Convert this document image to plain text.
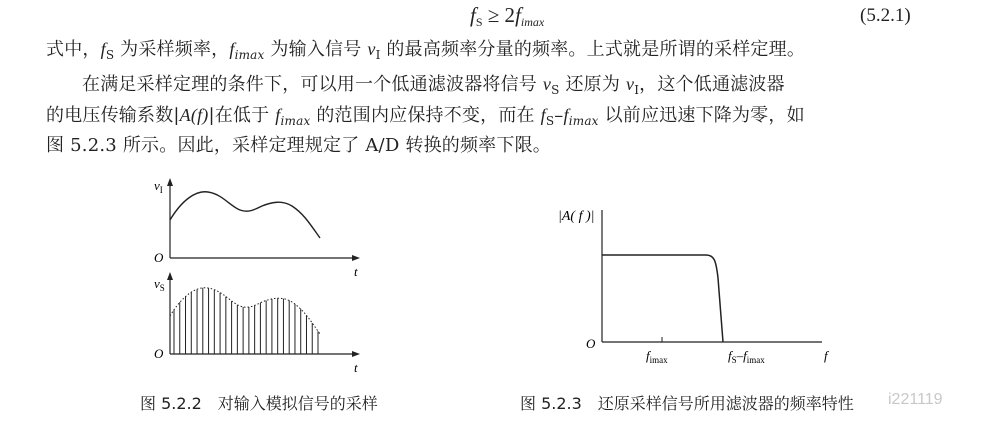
$f_S \ge 2fimax$	(5.2.1)
式中，$f_S$ 为采样频率，$f_{imax}$ 为输入信号 $v_I$ 的最高频率分量的频率。上式就是所谓的采样定理。
在满足采样定理的条件下，可以用一个低通滤波器将信号 $v_S$ 还原为 $v_I$，这个低通滤波器
的电压传输系数|A(f)|在低于 $f_{imax}$ 的范围内应保持不变，而在 $f_S-f_{imax}$ 以前应迅速下降为零，如
图 5.2.3 所示。因此，采样定理规定了 A/D 转换的频率下限。
$v_I$
O
t
$v_S$
O
t
|A( f )|
O
f
$f_{imax}$	$f_S-f_{imax}$
图 5.2.2　对输入模拟信号的采样	图 5.2.3　还原采样信号所用滤波器的频率特性 i221119
